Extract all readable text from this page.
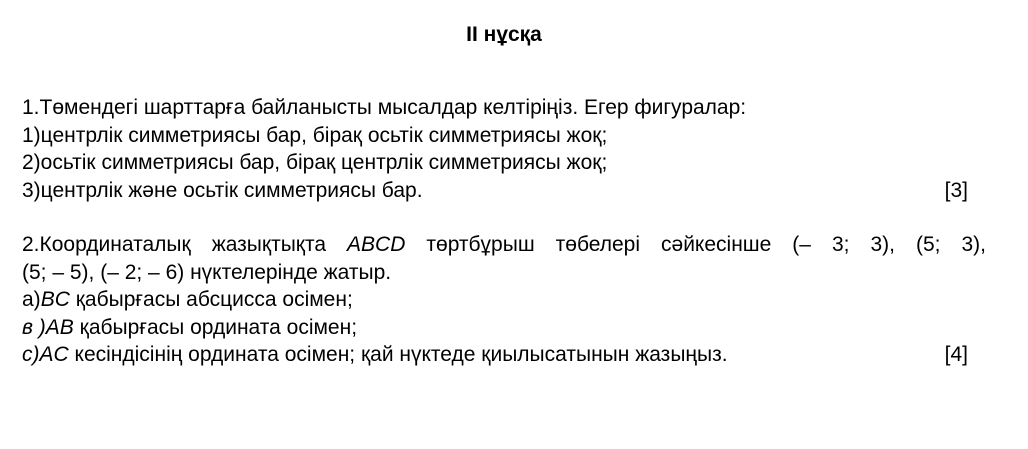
II нұсқа
1.Төмендегі шарттарға байланысты мысалдар келтіріңіз. Егер фигуралар:
1)центрлік симметриясы бар, бірақ осьтік симметриясы жоқ;
2)осьтік симметриясы бар, бірақ центрлік симметриясы жоқ;
3)центрлік және осьтік симметриясы бар.	[3]
2.Координаталық жазықтықта ABCD төртбұрыш төбелері сәйкесінше (– 3; 3), (5; 3),
(5; – 5), (– 2; – 6) нүктелерінде жатыр.
а)BC қабырғасы абсцисса осімен;
в )AB қабырғасы ордината осімен;
с)AC кесіндісінің ордината осімен; қай нүктеде қиылысатынын жазыңыз.	[4]
